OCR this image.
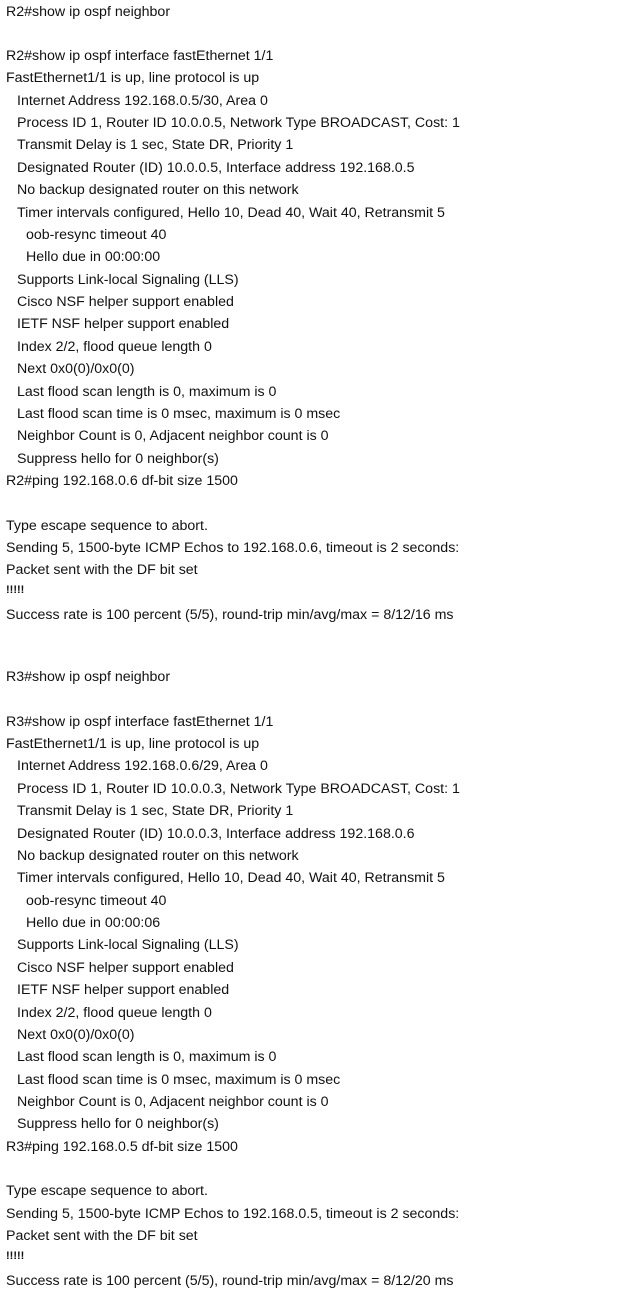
R2#show ip ospf neighbor
R2#show ip ospf interface fastEthernet 1/1
FastEthernet1/1 is up, line protocol is up
Internet Address 192.168.0.5/30, Area 0
Process ID 1, Router ID 10.0.0.5, Network Type BROADCAST, Cost: 1
Transmit Delay is 1 sec, State DR, Priority 1
Designated Router (ID) 10.0.0.5, Interface address 192.168.0.5
No backup designated router on this network
Timer intervals configured, Hello 10, Dead 40, Wait 40, Retransmit 5
oob-resync timeout 40
Hello due in 00:00:00
Supports Link-local Signaling (LLS)
Cisco NSF helper support enabled
IETF NSF helper support enabled
Index 2/2, flood queue length 0
Next 0x0(0)/0x0(0)
Last flood scan length is 0, maximum is 0
Last flood scan time is 0 msec, maximum is 0 msec
Neighbor Count is 0, Adjacent neighbor count is 0
Suppress hello for 0 neighbor(s)
R2#ping 192.168.0.6 df-bit size 1500
Type escape sequence to abort.
Sending 5, 1500-byte ICMP Echos to 192.168.0.6, timeout is 2 seconds:
Packet sent with the DF bit set
!!!!!
Success rate is 100 percent (5/5), round-trip min/avg/max = 8/12/16 ms
R3#show ip ospf neighbor
R3#show ip ospf interface fastEthernet 1/1
FastEthernet1/1 is up, line protocol is up
Internet Address 192.168.0.6/29, Area 0
Process ID 1, Router ID 10.0.0.3, Network Type BROADCAST, Cost: 1
Transmit Delay is 1 sec, State DR, Priority 1
Designated Router (ID) 10.0.0.3, Interface address 192.168.0.6
No backup designated router on this network
Timer intervals configured, Hello 10, Dead 40, Wait 40, Retransmit 5
oob-resync timeout 40
Hello due in 00:00:06
Supports Link-local Signaling (LLS)
Cisco NSF helper support enabled
IETF NSF helper support enabled
Index 2/2, flood queue length 0
Next 0x0(0)/0x0(0)
Last flood scan length is 0, maximum is 0
Last flood scan time is 0 msec, maximum is 0 msec
Neighbor Count is 0, Adjacent neighbor count is 0
Suppress hello for 0 neighbor(s)
R3#ping 192.168.0.5 df-bit size 1500
Type escape sequence to abort.
Sending 5, 1500-byte ICMP Echos to 192.168.0.5, timeout is 2 seconds:
Packet sent with the DF bit set
!!!!!
Success rate is 100 percent (5/5), round-trip min/avg/max = 8/12/20 ms
